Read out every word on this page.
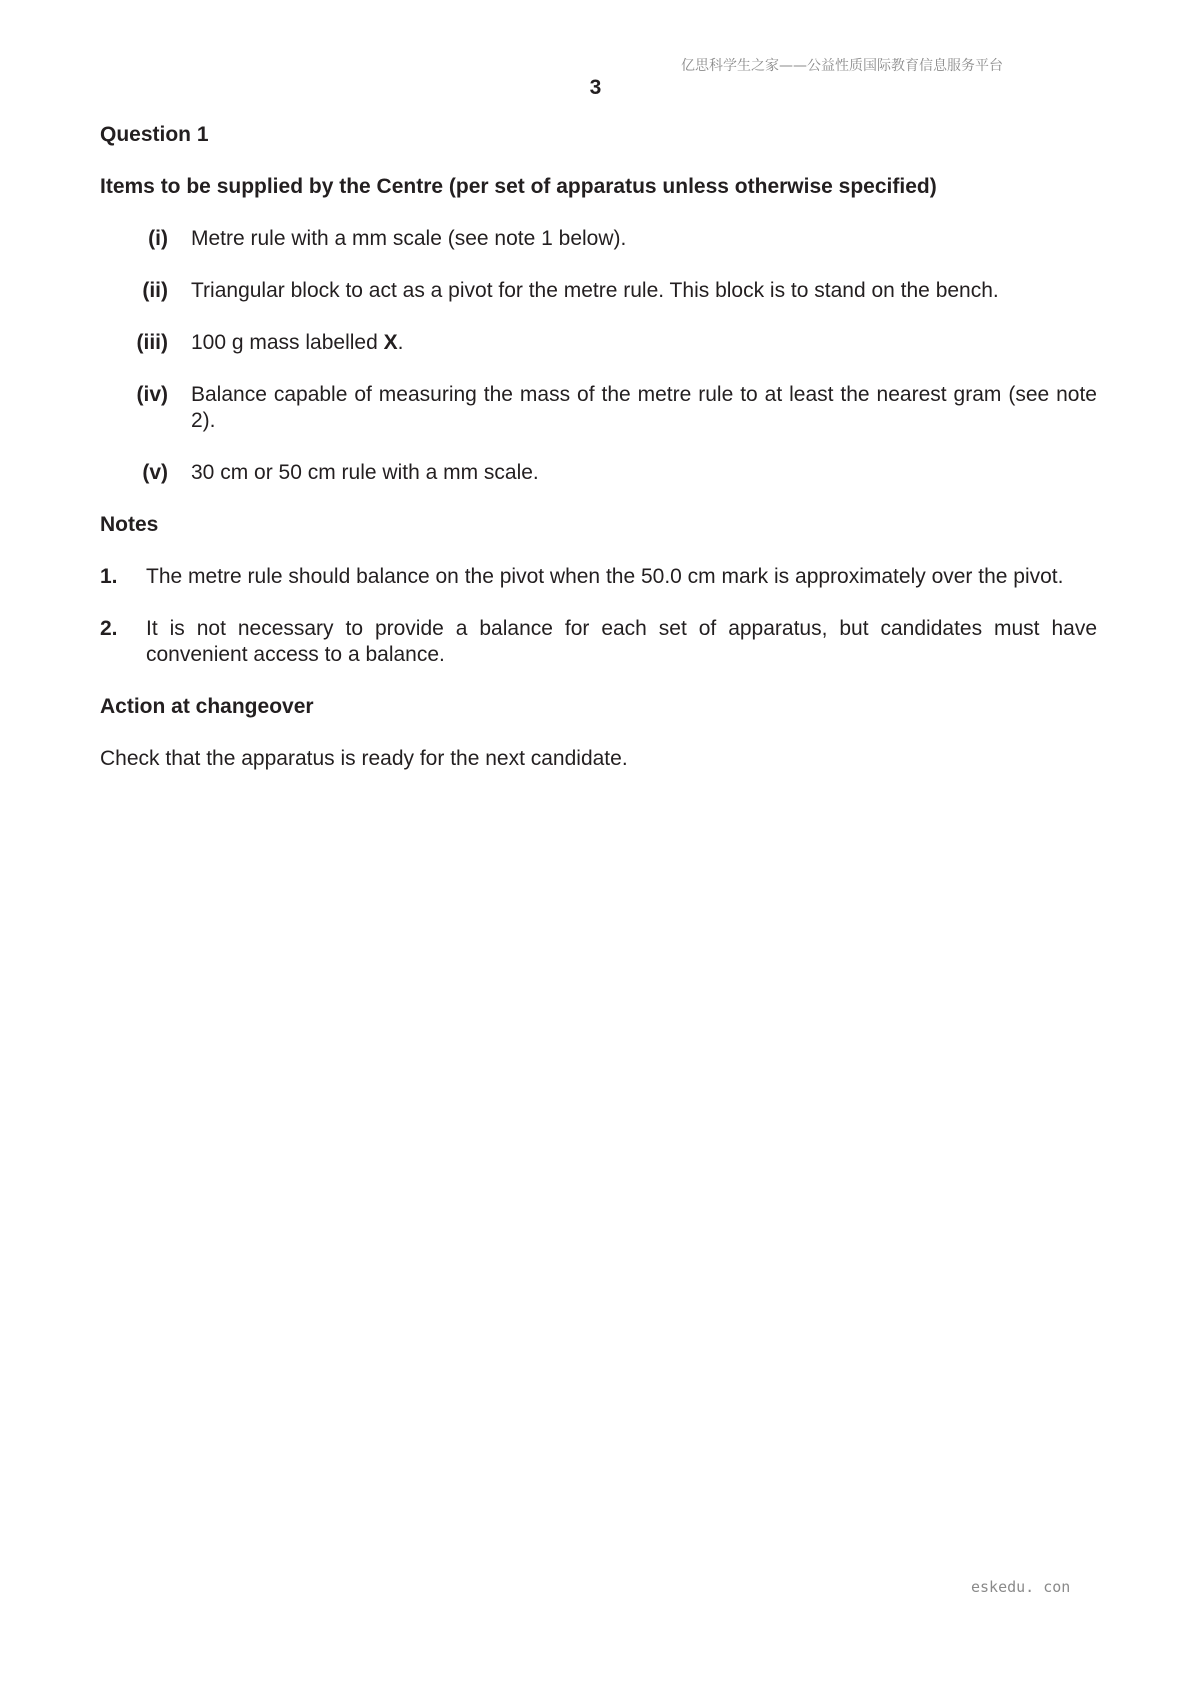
亿思科学生之家——公益性质国际教育信息服务平台
3
Question 1
Items to be supplied by the Centre (per set of apparatus unless otherwise specified)
(i) Metre rule with a mm scale (see note 1 below).
(ii) Triangular block to act as a pivot for the metre rule. This block is to stand on the bench.
(iii) 100 g mass labelled X.
(iv) Balance capable of measuring the mass of the metre rule to at least the nearest gram (see note 2).
(v) 30 cm or 50 cm rule with a mm scale.
Notes
1. The metre rule should balance on the pivot when the 50.0 cm mark is approximately over the pivot.
2. It is not necessary to provide a balance for each set of apparatus, but candidates must have convenient access to a balance.
Action at changeover
Check that the apparatus is ready for the next candidate.
eskedu. con
